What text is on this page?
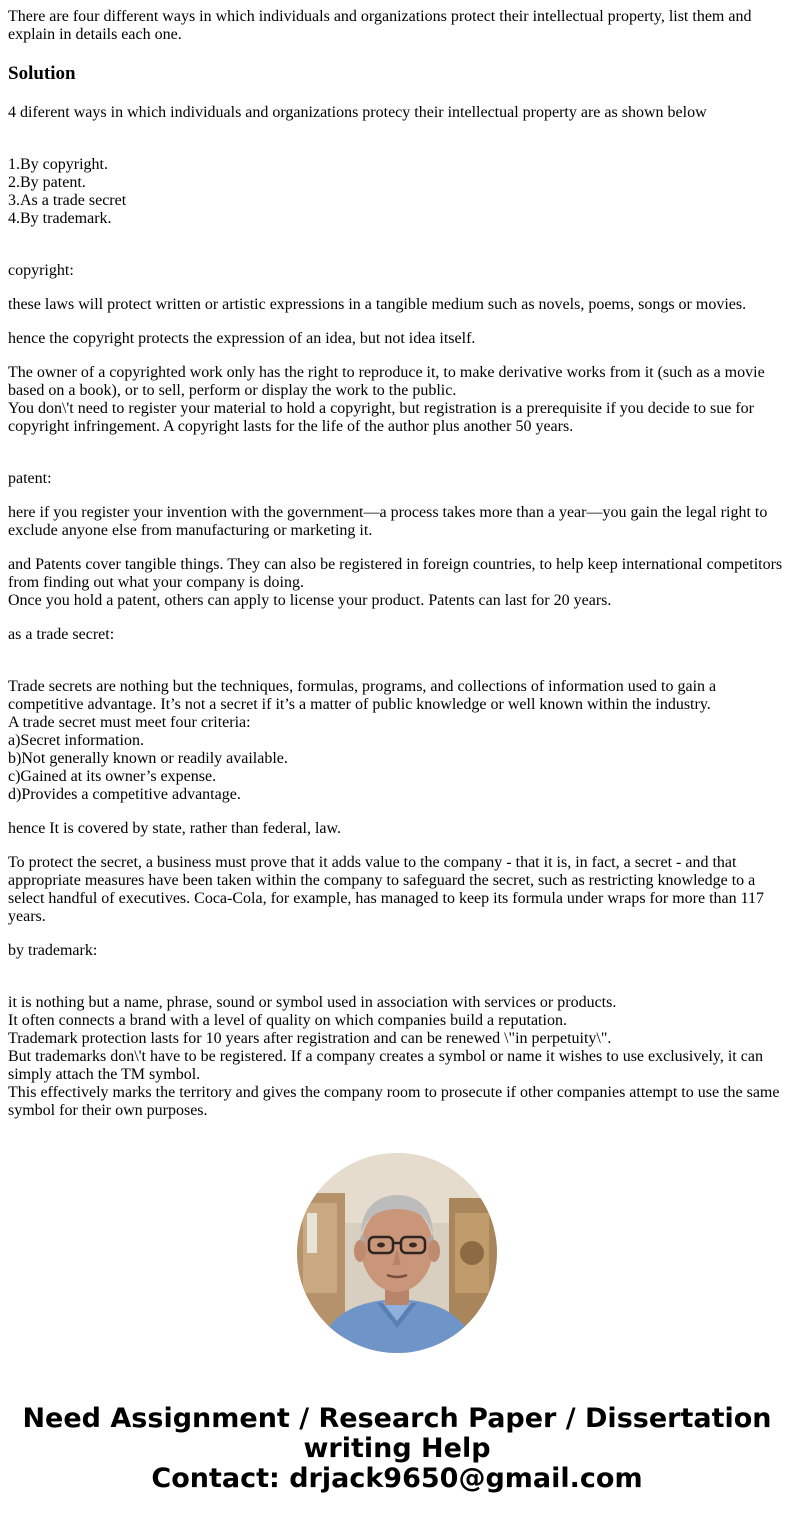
There are four different ways in which individuals and organizations protect their intellectual property, list them and explain in details each one.

Solution

4 diferent ways in which individuals and organizations protecy their intellectual property are as shown below

1.By copyright.
2.By patent.
3.As a trade secret
4.By trademark.

copyright:

these laws will protect written or artistic expressions in a tangible medium such as novels, poems, songs or movies.

hence the copyright protects the expression of an idea, but not idea itself.

The owner of a copyrighted work only has the right to reproduce it, to make derivative works from it (such as a movie based on a book), or to sell, perform or display the work to the public.
You don\'t need to register your material to hold a copyright, but registration is a prerequisite if you decide to sue for copyright infringement. A copyright lasts for the life of the author plus another 50 years.

patent:

here if you register your invention with the government—a process takes more than a year—you gain the legal right to exclude anyone else from manufacturing or marketing it.

and Patents cover tangible things. They can also be registered in foreign countries, to help keep international competitors from finding out what your company is doing.
Once you hold a patent, others can apply to license your product. Patents can last for 20 years.

as a trade secret:

Trade secrets are nothing but the techniques, formulas, programs, and collections of information used to gain a competitive advantage. It’s not a secret if it’s a matter of public knowledge or well known within the industry.
A trade secret must meet four criteria:
a)Secret information.
b)Not generally known or readily available.
c)Gained at its owner’s expense.
d)Provides a competitive advantage.

hence It is covered by state, rather than federal, law.

To protect the secret, a business must prove that it adds value to the company - that it is, in fact, a secret - and that appropriate measures have been taken within the company to safeguard the secret, such as restricting knowledge to a select handful of executives. Coca-Cola, for example, has managed to keep its formula under wraps for more than 117 years.

by trademark:

it is nothing but a name, phrase, sound or symbol used in association with services or products.
It often connects a brand with a level of quality on which companies build a reputation.
Trademark protection lasts for 10 years after registration and can be renewed \"in perpetuity\".
But trademarks don\'t have to be registered. If a company creates a symbol or name it wishes to use exclusively, it can simply attach the TM symbol.
This effectively marks the territory and gives the company room to prosecute if other companies attempt to use the same symbol for their own purposes.
Need Assignment / Research Paper / Dissertation
writing Help
Contact: drjack9650@gmail.com
